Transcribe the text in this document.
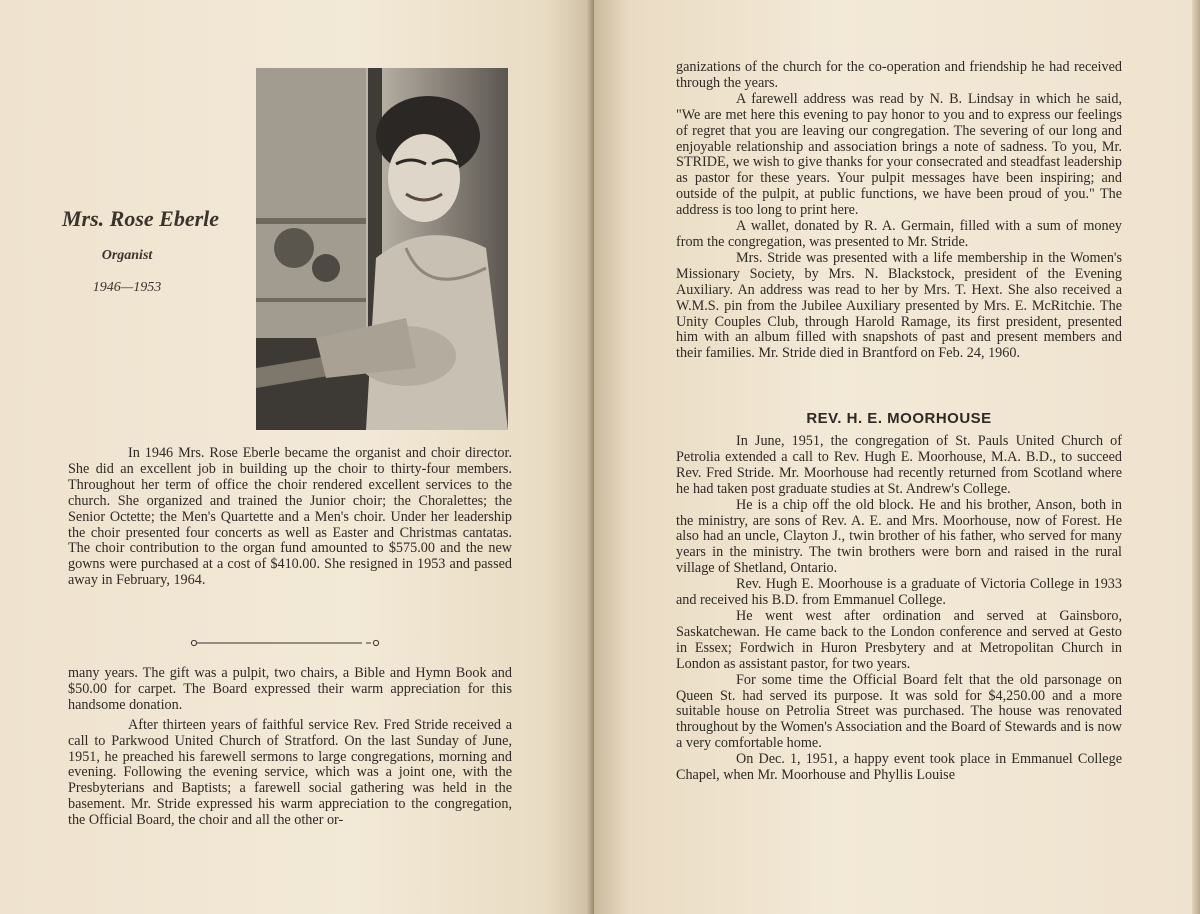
Mrs. Rose Eberle
Organist
1946—1953

In 1946 Mrs. Rose Eberle became the organist and choir director. She did an excellent job in building up the choir to thirty-four members. Throughout her term of office the choir rendered excellent services to the church. She organized and trained the Junior choir; the Choralettes; the Senior Octette; the Men's Quartette and a Men's choir. Under her leadership the choir presented four concerts as well as Easter and Christmas cantatas. The choir contribution to the organ fund amounted to $575.00 and the new gowns were purchased at a cost of $410.00. She resigned in 1953 and passed away in February, 1964.

many years. The gift was a pulpit, two chairs, a Bible and Hymn Book and $50.00 for carpet. The Board expressed their warm appreciation for this handsome donation.

After thirteen years of faithful service Rev. Fred Stride received a call to Parkwood United Church of Stratford. On the last Sunday of June, 1951, he preached his farewell sermons to large congregations, morning and evening. Following the evening service, which was a joint one, with the Presbyterians and Baptists; a farewell social gathering was held in the basement. Mr. Stride expressed his warm appreciation to the congregation, the Official Board, the choir and all the other or-

ganizations of the church for the co-operation and friendship he had received through the years.

A farewell address was read by N. B. Lindsay in which he said, "We are met here this evening to pay honor to you and to express our feelings of regret that you are leaving our congregation. The severing of our long and enjoyable relationship and association brings a note of sadness. To you, Mr. STRIDE, we wish to give thanks for your consecrated and steadfast leadership as pastor for these years. Your pulpit messages have been inspiring; and outside of the pulpit, at public functions, we have been proud of you." The address is too long to print here.

A wallet, donated by R. A. Germain, filled with a sum of money from the congregation, was presented to Mr. Stride.

Mrs. Stride was presented with a life membership in the Women's Missionary Society, by Mrs. N. Blackstock, president of the Evening Auxiliary. An address was read to her by Mrs. T. Hext. She also received a W.M.S. pin from the Jubilee Auxiliary presented by Mrs. E. McRitchie. The Unity Couples Club, through Harold Ramage, its first president, presented him with an album filled with snapshots of past and present members and their families. Mr. Stride died in Brantford on Feb. 24, 1960.

REV. H. E. MOORHOUSE

In June, 1951, the congregation of St. Pauls United Church of Petrolia extended a call to Rev. Hugh E. Moorhouse, M.A. B.D., to succeed Rev. Fred Stride. Mr. Moorhouse had recently returned from Scotland where he had taken post graduate studies at St. Andrew's College.

He is a chip off the old block. He and his brother, Anson, both in the ministry, are sons of Rev. A. E. and Mrs. Moorhouse, now of Forest. He also had an uncle, Clayton J., twin brother of his father, who served for many years in the ministry. The twin brothers were born and raised in the rural village of Shetland, Ontario.

Rev. Hugh E. Moorhouse is a graduate of Victoria College in 1933 and received his B.D. from Emmanuel College.

He went west after ordination and served at Gainsboro, Saskatchewan. He came back to the London conference and served at Gesto in Essex; Fordwich in Huron Presbytery and at Metropolitan Church in London as assistant pastor, for two years.

For some time the Official Board felt that the old parsonage on Queen St. had served its purpose. It was sold for $4,250.00 and a more suitable house on Petrolia Street was purchased. The house was renovated throughout by the Women's Association and the Board of Stewards and is now a very comfortable home.

On Dec. 1, 1951, a happy event took place in Emmanuel College Chapel, when Mr. Moorhouse and Phyllis Louise
